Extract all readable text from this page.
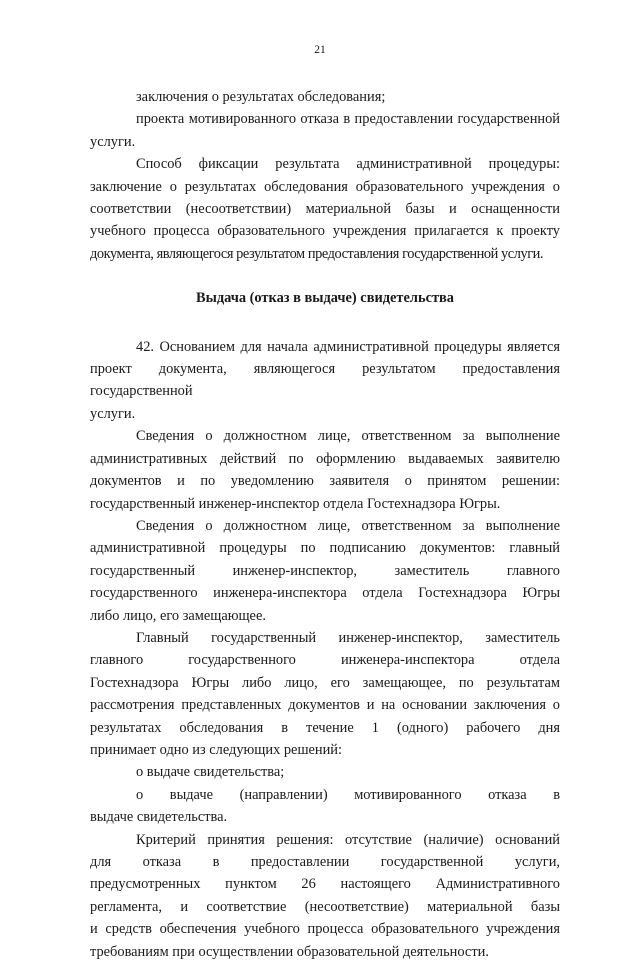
21
заключения о результатах обследования;
проекта мотивированного отказа в предоставлении государственной
услуги.
Способ фиксации результата административной процедуры:
заключение о результатах обследования образовательного учреждения о
соответствии (несоответствии) материальной базы и оснащенности
учебного процесса образовательного учреждения прилагается к проекту
документа, являющегося результатом предоставления государственной услуги.
Выдача (отказ в выдаче) свидетельства
42. Основанием для начала административной процедуры является
проект документа, являющегося результатом предоставления государственной
услуги.
Сведения о должностном лице, ответственном за выполнение
административных действий по оформлению выдаваемых заявителю
документов и по уведомлению заявителя о принятом решении:
государственный инженер-инспектор отдела Гостехнадзора Югры.
Сведения о должностном лице, ответственном за выполнение
административной процедуры по подписанию документов: главный
государственный инженер-инспектор, заместитель главного
государственного инженера-инспектора отдела Гостехнадзора Югры
либо лицо, его замещающее.
Главный государственный инженер-инспектор, заместитель
главного государственного инженера-инспектора отдела
Гостехнадзора Югры либо лицо, его замещающее, по результатам
рассмотрения представленных документов и на основании заключения о
результатах обследования в течение 1 (одного) рабочего дня
принимает одно из следующих решений:
о выдаче свидетельства;
о выдаче (направлении) мотивированного отказа в
выдаче свидетельства.
Критерий принятия решения: отсутствие (наличие) оснований
для отказа в предоставлении государственной услуги,
предусмотренных пунктом 26 настоящего Административного
регламента, и соответствие (несоответствие) материальной базы
и средств обеспечения учебного процесса образовательного учреждения
требованиям при осуществлении образовательной деятельности.
